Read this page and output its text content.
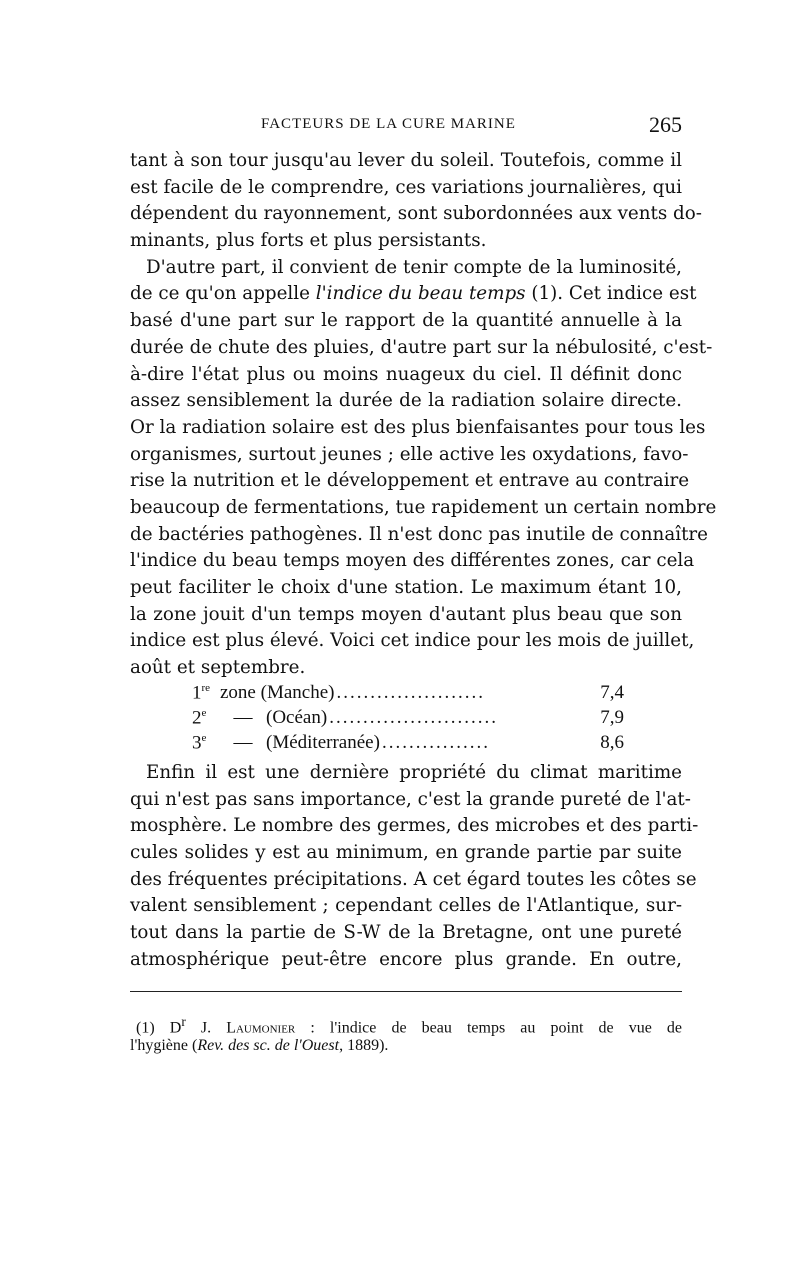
FACTEURS DE LA CURE MARINE	265
tant à son tour jusqu'au lever du soleil. Toutefois, comme il
est facile de le comprendre, ces variations journalières, qui
dépendent du rayonnement, sont subordonnées aux vents do-
minants, plus forts et plus persistants.
D'autre part, il convient de tenir compte de la luminosité,
de ce qu'on appelle l'indice du beau temps (1). Cet indice est
basé d'une part sur le rapport de la quantité annuelle à la
durée de chute des pluies, d'autre part sur la nébulosité, c'est-
à-dire l'état plus ou moins nuageux du ciel. Il définit donc
assez sensiblement la durée de la radiation solaire directe.
Or la radiation solaire est des plus bienfaisantes pour tous les
organismes, surtout jeunes ; elle active les oxydations, favo-
rise la nutrition et le développement et entrave au contraire
beaucoup de fermentations, tue rapidement un certain nombre
de bactéries pathogènes. Il n'est donc pas inutile de connaître
l'indice du beau temps moyen des différentes zones, car cela
peut faciliter le choix d'une station. Le maximum étant 10,
la zone jouit d'un temps moyen d'autant plus beau que son
indice est plus élevé. Voici cet indice pour les mois de juillet,
août et septembre.
1re zone (Manche) ......................	7,4
2e	— (Océan) .........................	7,9
3e	— (Méditerranée) ................	8,6
Enfin il est une dernière propriété du climat maritime
qui n'est pas sans importance, c'est la grande pureté de l'at-
mosphère. Le nombre des germes, des microbes et des parti-
cules solides y est au minimum, en grande partie par suite
des fréquentes précipitations. A cet égard toutes les côtes se
valent sensiblement ; cependant celles de l'Atlantique, sur-
tout dans la partie de S-W de la Bretagne, ont une pureté
atmosphérique peut-être encore plus grande. En outre,
(1) $D^r$ J. Laumonier : l'indice de beau temps au point de vue de
l'hygiène (Rev. des sc. de l'Ouest, 1889).
